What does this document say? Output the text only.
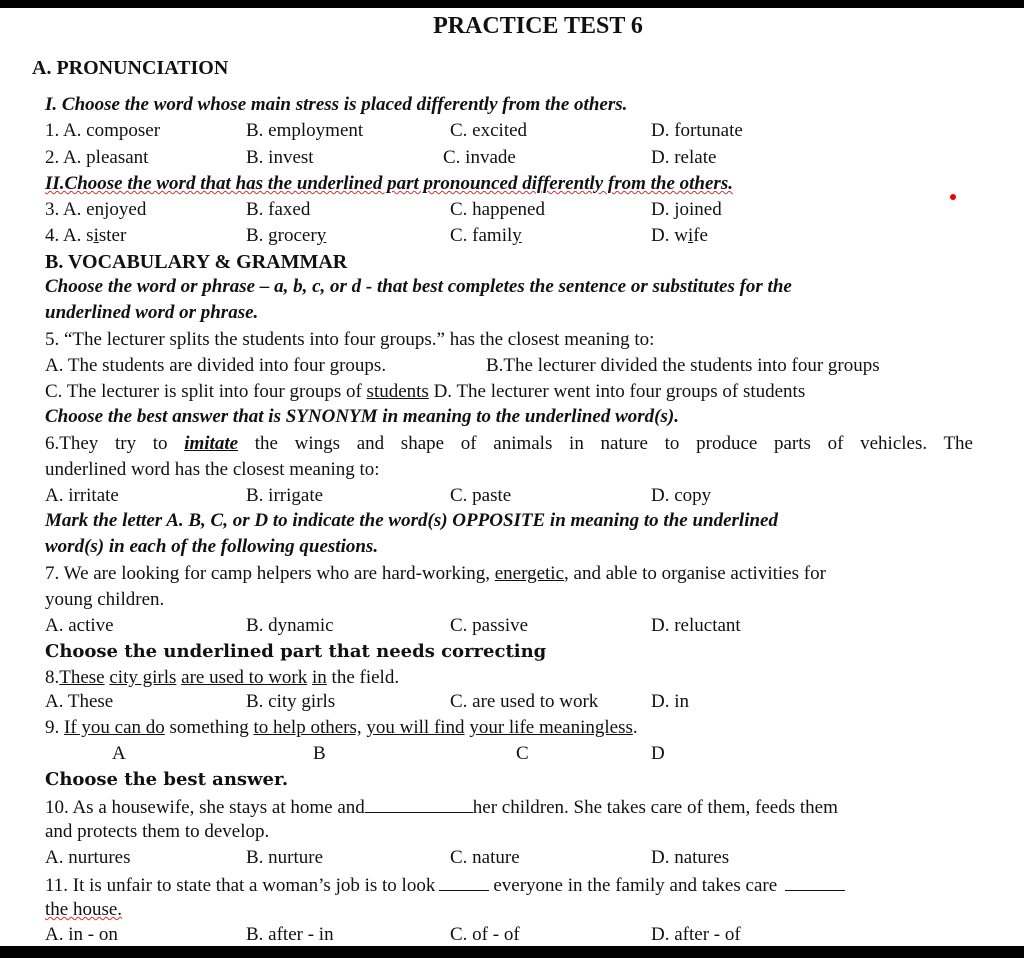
PRACTICE TEST 6
A. PRONUNCIATION
I. Choose the word whose main stress is placed differently from the others.
1. A. composer	B. employment	C. excited	D. fortunate
2. A. pleasant	B. invest	C. invade	D. relate
II.Choose the word that has the underlined part pronounced differently from the others.
3. A. enjoyed	B. faxed	C. happened	D. joined
4. A. sister	B. grocery	C. family	D. wife
B. VOCABULARY & GRAMMAR
Choose the word or phrase – a, b, c, or d - that best completes the sentence or substitutes for the
underlined word or phrase.
5. “The lecturer splits the students into four groups.” has the closest meaning to:
A. The students are divided into four groups.	B.The lecturer divided the students into four groups
C. The lecturer is split into four groups of students D. The lecturer went into four groups of students
Choose the best answer that is SYNONYM in meaning to the underlined word(s).
6.They try to imitate the wings and shape of animals in nature to produce parts of vehicles. The
underlined word has the closest meaning to:
A. irritate	B. irrigate	C. paste	D. copy
Mark the letter A. B, C, or D to indicate the word(s) OPPOSITE in meaning to the underlined
word(s) in each of the following questions.
7. We are looking for camp helpers who are hard-working, energetic, and able to organise activities for
young children.
A. active	B. dynamic	C. passive	D. reluctant
Choose the underlined part that needs correcting
8.These city girls are used to work in the field.
A. These	B. city girls	C. are used to work	D. in
9. If you can do something to help others, you will find your life meaningless.
A	B	C	D
Choose the best answer.
10. As a housewife, she stays at home and	her children. She takes care of them, feeds them
and protects them to develop.
A. nurtures	B. nurture	C. nature	D. natures
11. It is unfair to state that a woman’s job is to look	everyone in the family and takes care
the house.
A. in - on	B. after - in	C. of - of	D. after - of
